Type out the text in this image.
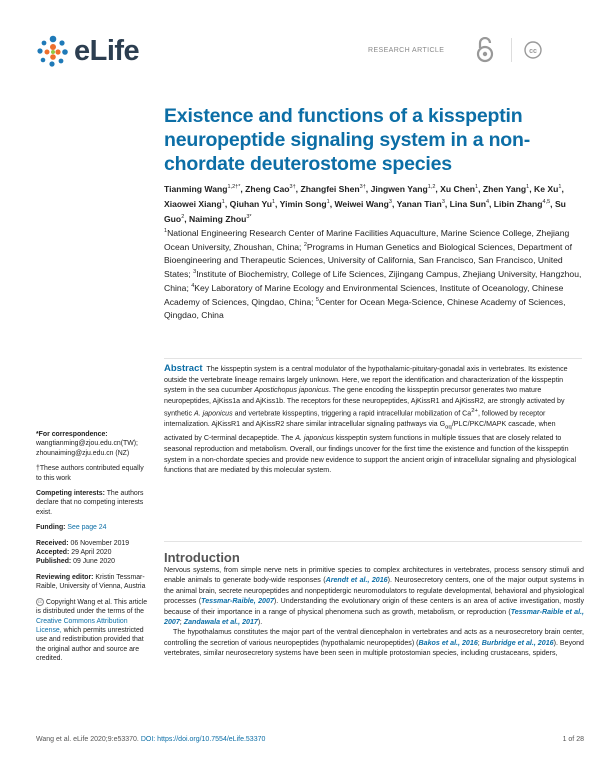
eLife	RESEARCH ARTICLE	cc
Existence and functions of a kisspeptin neuropeptide signaling system in a non-chordate deuterostome species
Tianming Wang$^{1,2\dagger*}$, Zheng Cao$^{3\dagger}$, Zhangfei Shen$^{3\dagger}$, Jingwen Yang$^{1,2}$, Xu Chen$^1$, Zhen Yang$^1$, Ke Xu$^1$, Xiaowei Xiang$^1$, Qiuhan Yu$^1$, Yimin Song$^1$, Weiwei Wang$^3$, Yanan Tian$^3$, Lina Sun$^4$, Libin Zhang$^{4,5}$, Su Guo$^2$, Naiming Zhou$^{3*}$
$^1$National Engineering Research Center of Marine Facilities Aquaculture, Marine Science College, Zhejiang Ocean University, Zhoushan, China; $^2$Programs in Human Genetics and Biological Sciences, Department of Bioengineering and Therapeutic Sciences, University of California, San Francisco, San Francisco, United States; $^3$Institute of Biochemistry, College of Life Sciences, Zijingang Campus, Zhejiang University, Hangzhou, China; $^4$Key Laboratory of Marine Ecology and Environmental Sciences, Institute of Oceanology, Chinese Academy of Sciences, Qingdao, China; $^5$Center for Ocean Mega-Science, Chinese Academy of Sciences, Qingdao, China
Abstract The kisspeptin system is a central modulator of the hypothalamic-pituitary-gonadal axis in vertebrates. Its existence outside the vertebrate lineage remains largely unknown. Here, we report the identification and characterization of the kisspeptin system in the sea cucumber Apostichopus japonicus. The gene encoding the kisspeptin precursor generates two mature neuropeptides, AjKiss1a and AjKiss1b. The receptors for these neuropeptides, AjKissR1 and AjKissR2, are strongly activated by synthetic A. japonicus and vertebrate kisspeptins, triggering a rapid intracellular mobilization of $Ca^{2+}$, followed by receptor internalization. AjKissR1 and AjKissR2 share similar intracellular signaling pathways via $G_{\alpha q}/PLC/PKC$/MAPK cascade, when activated by C-terminal decapeptide. The A. japonicus kisspeptin system functions in multiple tissues that are closely related to seasonal reproduction and metabolism. Overall, our findings uncover for the first time the existence and function of the kisspeptin system in a non-chordate species and provide new evidence to support the ancient origin of intracellular signaling and physiological functions that are mediated by this molecular system.
*For correspondence:
wangtianming@zjou.edu.cn(TW); zhounaiming@zju.edu.cn (NZ)
†These authors contributed equally to this work
Competing interests: The authors declare that no competing interests exist.
Funding: See page 24
Received: 06 November 2019
Accepted: 29 April 2020
Published: 09 June 2020
Reviewing editor: Kristin Tessmar-Raible, University of Vienna, Austria
cc Copyright Wang et al. This article is distributed under the terms of the Creative Commons Attribution License, which permits unrestricted use and redistribution provided that the original author and source are credited.
Introduction

Nervous systems, from simple nerve nets in primitive species to complex architectures in vertebrates, process sensory stimuli and enable animals to generate body-wide responses (Arendt et al., 2016). Neurosecretory centers, one of the major output systems in the animal brain, secrete neuropeptides and nonpeptidergic neuromodulators to regulate developmental, behavioral and physiological processes (Tessmar-Raible, 2007). Understanding the evolutionary origin of these centers is an area of active investigation, mostly because of their importance in a range of physical phenomena such as growth, metabolism, or reproduction (Tessmar-Raible et al., 2007; Zandawala et al., 2017).

The hypothalamus constitutes the major part of the ventral diencephalon in vertebrates and acts as a neurosecretory brain center, controlling the secretion of various neuropeptides (hypothalamic neuropeptides) (Bakos et al., 2016; Burbridge et al., 2016). Beyond vertebrates, similar neurosecretory systems have been seen in multiple protostomian species, including crustaceans, spiders,

Wang et al. eLife 2020;9:e53370. DOI: https://doi.org/10.7554/eLife.53370	1 of 28
